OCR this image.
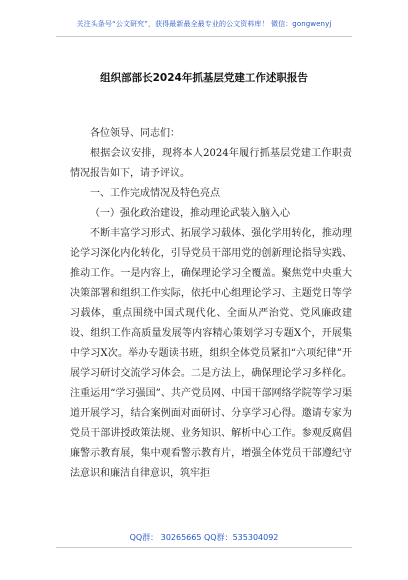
关注头条号“公文研究”，获得最新最全最专业的公文资料库！ 微信：gongwenyj
组织部部长2024年抓基层党建工作述职报告

各位领导、同志们：

根据会议安排，现将本人2024年履行抓基层党建工作职责情况报告如下，请予评议。

一、工作完成情况及特色亮点

（一）强化政治建设，推动理论武装入脑入心

不断丰富学习形式、拓展学习载体、强化学用转化，推动理论学习深化内化转化，引导党员干部用党的创新理论指导实践、推动工作。一是内容上，确保理论学习全覆盖。聚焦党中央重大决策部署和组织工作实际，依托中心组理论学习、主题党日等学习载体，重点围绕中国式现代化、全面从严治党、党风廉政建设、组织工作高质量发展等内容精心策划学习专题X个，开展集中学习X次。举办专题读书班，组织全体党员紧扣“六项纪律”开展学习研讨交流学习体会。二是方法上，确保理论学习多样化。注重运用“学习强国”、共产党员网、中国干部网络学院等学习渠道开展学习，结合案例面对面研讨、分享学习心得。邀请专家为党员干部讲授政策法规、业务知识、解析中心工作。参观反腐倡廉警示教育展，集中观看警示教育片，增强全体党员干部遵纪守法意识和廉洁自律意识，筑牢拒

QQ群： 30265665 QQ群：535304092
